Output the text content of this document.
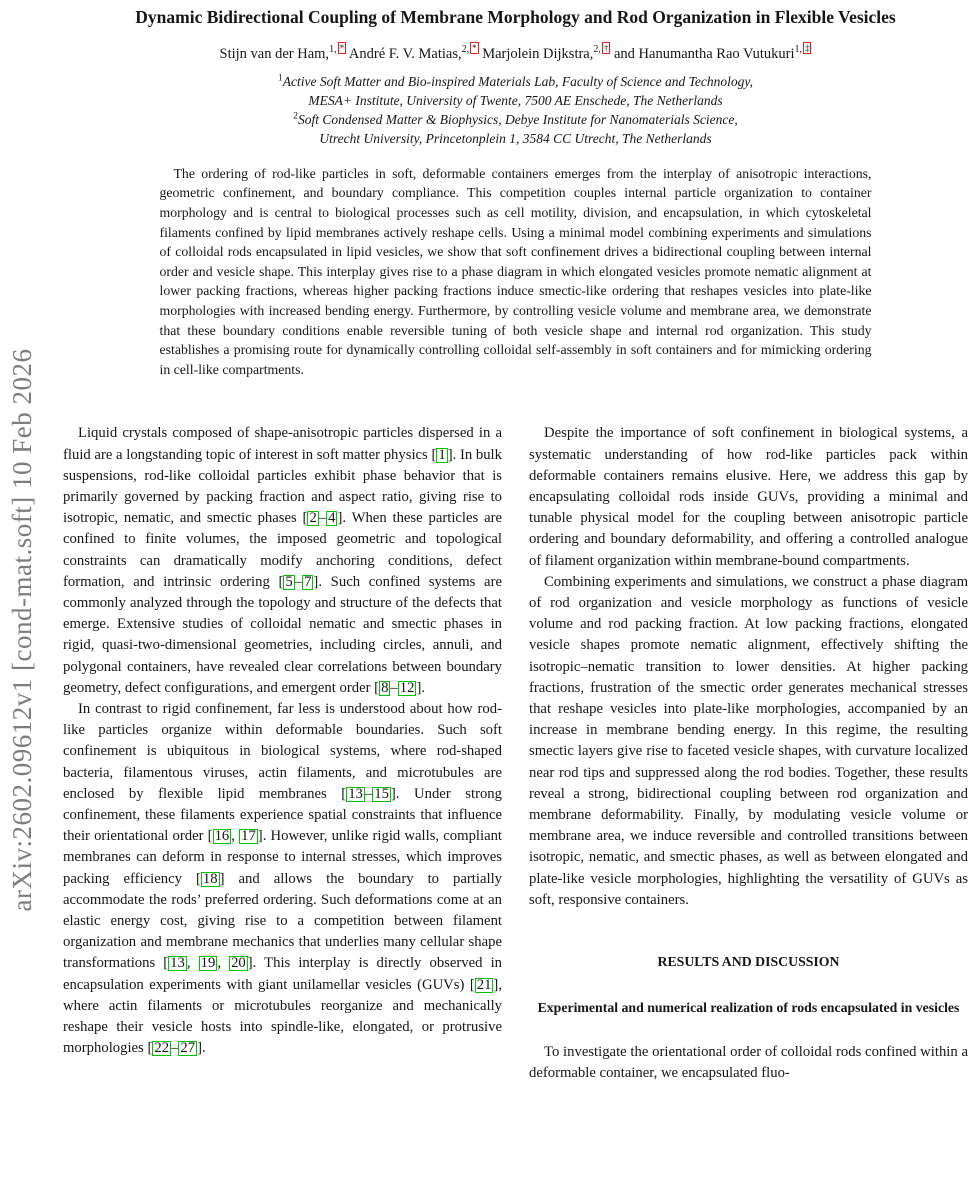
arXiv:2602.09612v1 [cond-mat.soft] 10 Feb 2026
Dynamic Bidirectional Coupling of Membrane Morphology and Rod Organization in Flexible Vesicles
Stijn van der Ham,$^{1, *}$ André F. V. Matias,$^{2, *}$ Marjolein Dijkstra,$^{2, \dagger}$ and Hanumantha Rao Vutukuri$^{1, \ddagger}$
$^1$Active Soft Matter and Bio-inspired Materials Lab, Faculty of Science and Technology,
MESA+ Institute, University of Twente, 7500 AE Enschede, The Netherlands
$^2$Soft Condensed Matter & Biophysics, Debye Institute for Nanomaterials Science,
Utrecht University, Princetonplein 1, 3584 CC Utrecht, The Netherlands
The ordering of rod-like particles in soft, deformable containers emerges from the interplay of anisotropic interactions, geometric confinement, and boundary compliance. This competition couples internal particle organization to container morphology and is central to biological processes such as cell motility, division, and encapsulation, in which cytoskeletal filaments confined by lipid membranes actively reshape cells. Using a minimal model combining experiments and simulations of colloidal rods encapsulated in lipid vesicles, we show that soft confinement drives a bidirectional coupling between internal order and vesicle shape. This interplay gives rise to a phase diagram in which elongated vesicles promote nematic alignment at lower packing fractions, whereas higher packing fractions induce smectic-like ordering that reshapes vesicles into plate-like morphologies with increased bending energy. Furthermore, by controlling vesicle volume and membrane area, we demonstrate that these boundary conditions enable reversible tuning of both vesicle shape and internal rod organization. This study establishes a promising route for dynamically controlling colloidal self-assembly in soft containers and for mimicking ordering in cell-like compartments.

Liquid crystals composed of shape-anisotropic particles dispersed in a fluid are a longstanding topic of interest in soft matter physics [ 1 ]. In bulk suspensions, rod-like colloidal particles exhibit phase behavior that is primarily governed by packing fraction and aspect ratio, giving rise to isotropic, nematic, and smectic phases [ 2 – 4 ]. When these particles are confined to finite volumes, the imposed geometric and topological constraints can dramatically modify anchoring conditions, defect formation, and intrinsic ordering [ 5 – 7 ]. Such confined systems are commonly analyzed through the topology and structure of the defects that emerge. Extensive studies of colloidal nematic and smectic phases in rigid, quasi-two-dimensional geometries, including circles, annuli, and polygonal containers, have revealed clear correlations between boundary geometry, defect configurations, and emergent order [ 8 – 12 ].

In contrast to rigid confinement, far less is understood about how rod-like particles organize within deformable boundaries. Such soft confinement is ubiquitous in biological systems, where rod-shaped bacteria, filamentous viruses, actin filaments, and microtubules are enclosed by flexible lipid membranes [ 13 – 15 ]. Under strong confinement, these filaments experience spatial constraints that influence their orientational order [ 16 , 17 ]. However, unlike rigid walls, compliant membranes can deform in response to internal stresses, which improves packing efficiency [ 18 ] and allows the boundary to partially accommodate the rods’ preferred ordering. Such deformations come at an elastic energy cost, giving rise to a competition between filament organization and membrane mechanics that underlies many cellular shape transformations [ 13 , 19 , 20 ]. This interplay is directly observed in encapsulation experiments with giant unilamellar vesicles (GUVs) [ 21 ], where actin filaments or microtubules reorganize and mechanically reshape their vesicle hosts into spindle-like, elongated, or protrusive morphologies [ 22 – 27 ].

Despite the importance of soft confinement in biological systems, a systematic understanding of how rod-like particles pack within deformable containers remains elusive. Here, we address this gap by encapsulating colloidal rods inside GUVs, providing a minimal and tunable physical model for the coupling between anisotropic particle ordering and boundary deformability, and offering a controlled analogue of filament organization within membrane-bound compartments.

Combining experiments and simulations, we construct a phase diagram of rod organization and vesicle morphology as functions of vesicle volume and rod packing fraction. At low packing fractions, elongated vesicle shapes promote nematic alignment, effectively shifting the isotropic–nematic transition to lower densities. At higher packing fractions, frustration of the smectic order generates mechanical stresses that reshape vesicles into plate-like morphologies, accompanied by an increase in membrane bending energy. In this regime, the resulting smectic layers give rise to faceted vesicle shapes, with curvature localized near rod tips and suppressed along the rod bodies. Together, these results reveal a strong, bidirectional coupling between rod organization and membrane deformability. Finally, by modulating vesicle volume or membrane area, we induce reversible and controlled transitions between isotropic, nematic, and smectic phases, as well as between elongated and plate-like vesicle morphologies, highlighting the versatility of GUVs as soft, responsive containers.

RESULTS AND DISCUSSION
Experimental and numerical realization of rods encapsulated in vesicles

To investigate the orientational order of colloidal rods confined within a deformable container, we encapsulated fluo-
